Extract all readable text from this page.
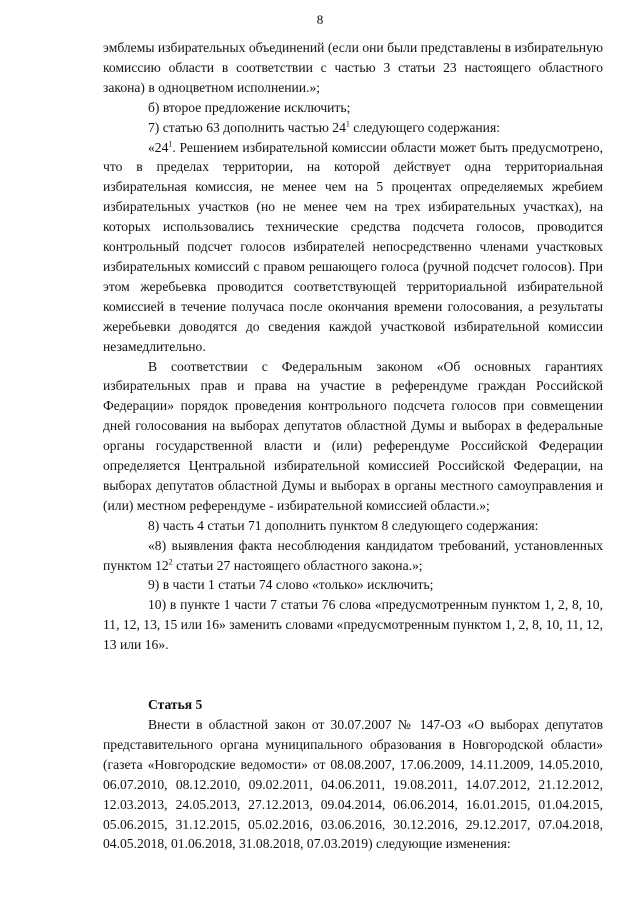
8

эмблемы избирательных объединений (если они были представлены в избирательную комиссию области в соответствии с частью 3 статьи 23 настоящего областного закона) в одноцветном исполнении.»;

б) второе предложение исключить;

7) статью 63 дополнить частью $24^1$ следующего содержания:

«$24^1$. Решением избирательной комиссии области может быть предусмотрено, что в пределах территории, на которой действует одна территориальная избирательная комиссия, не менее чем на 5 процентах определяемых жребием избирательных участков (но не менее чем на трех избирательных участках), на которых использовались технические средства подсчета голосов, проводится контрольный подсчет голосов избирателей непосредственно членами участковых избирательных комиссий с правом решающего голоса (ручной подсчет голосов). При этом жеребьевка проводится соответствующей территориальной избирательной комиссией в течение получаса после окончания времени голосования, а результаты жеребьевки доводятся до сведения каждой участковой избирательной комиссии незамедлительно.

В соответствии с Федеральным законом «Об основных гарантиях избирательных прав и права на участие в референдуме граждан Российской Федерации» порядок проведения контрольного подсчета голосов при совмещении дней голосования на выборах депутатов областной Думы и выборах в федеральные органы государственной власти и (или) референдуме Российской Федерации определяется Центральной избирательной комиссией Российской Федерации, на выборах депутатов областной Думы и выборах в органы местного самоуправления и (или) местном референдуме - избирательной комиссией области.»;

8) часть 4 статьи 71 дополнить пунктом 8 следующего содержания:

«8) выявления факта несоблюдения кандидатом требований, установленных пунктом $12^2$ статьи 27 настоящего областного закона.»;

9) в части 1 статьи 74 слово «только» исключить;

10) в пункте 1 части 7 статьи 76 слова «предусмотренным пунктом 1, 2, 8, 10, 11, 12, 13, 15 или 16» заменить словами «предусмотренным пунктом 1, 2, 8, 10, 11, 12, 13 или 16».

Статья 5

Внести в областной закон от 30.07.2007 № 147-ОЗ «О выборах депутатов представительного органа муниципального образования в Новгородской области» (газета «Новгородские ведомости» от 08.08.2007, 17.06.2009, 14.11.2009, 14.05.2010, 06.07.2010, 08.12.2010, 09.02.2011, 04.06.2011, 19.08.2011, 14.07.2012, 21.12.2012, 12.03.2013, 24.05.2013, 27.12.2013, 09.04.2014, 06.06.2014, 16.01.2015, 01.04.2015, 05.06.2015, 31.12.2015, 05.02.2016, 03.06.2016, 30.12.2016, 29.12.2017, 07.04.2018, 04.05.2018, 01.06.2018, 31.08.2018, 07.03.2019) следующие изменения:
